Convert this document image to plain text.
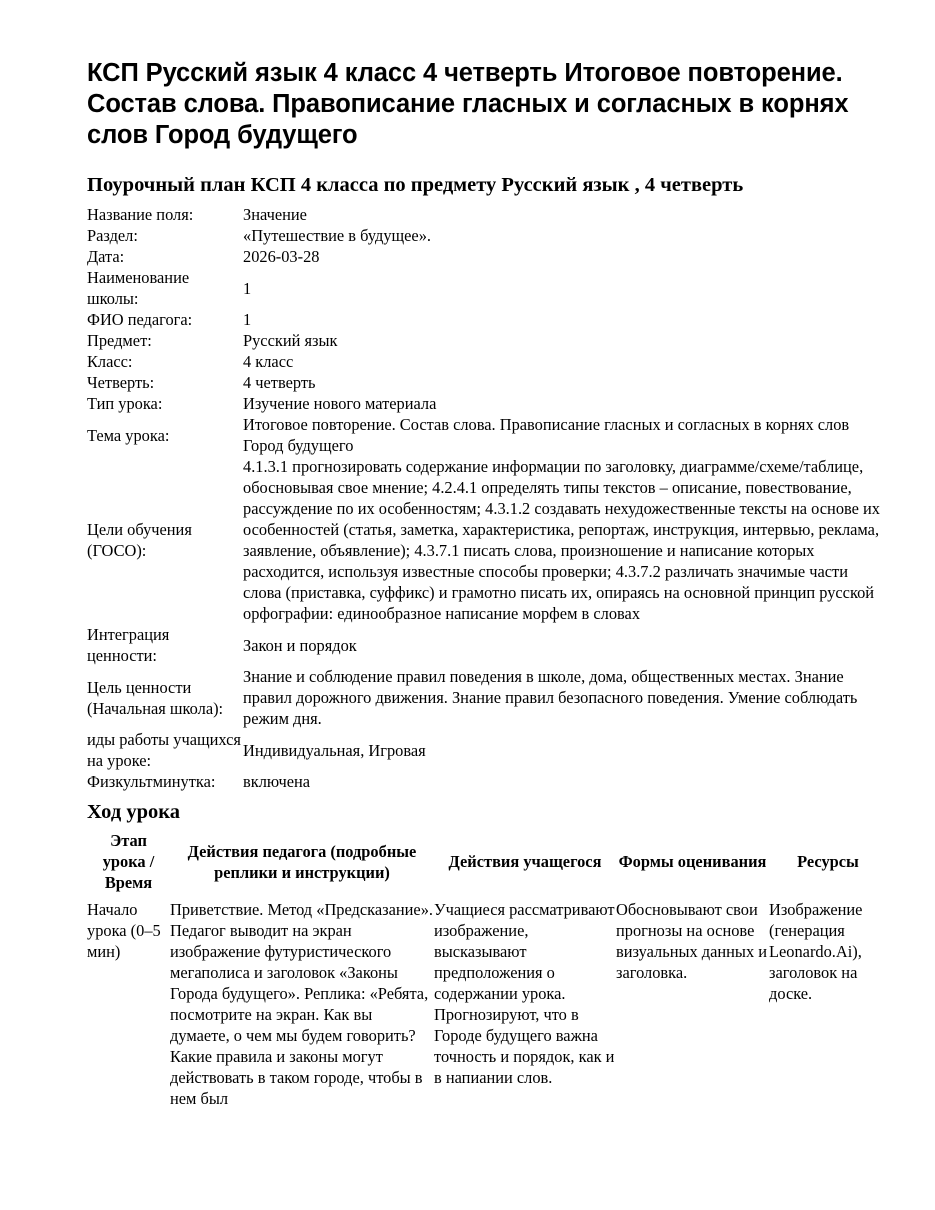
КСП Русский язык 4 класс 4 четверть Итоговое повторение. Состав слова. Правописание гласных и согласных в корнях слов Город будущего
Поурочный план КСП 4 класса по предмету Русский язык , 4 четверть
Название поля:	Значение
Раздел:	«Путешествие в будущее».
Дата:	2026-03-28
Наименование школы:	1
ФИО педагога:	1
Предмет:	Русский язык
Класс:	4 класс
Четверть:	4 четверть
Тип урока:	Изучение нового материала
Тема урока:	Итоговое повторение. Состав слова. Правописание гласных и согласных в корнях слов Город будущего
Цели обучения (ГОСО):	4.1.3.1 прогнозировать содержание информации по заголовку, диаграмме/схеме/таблице, обосновывая свое мнение; 4.2.4.1 определять типы текстов – описание, повествование, рассуждение по их особенностям; 4.3.1.2 создавать нехудожественные тексты на основе их особенностей (статья, заметка, характеристика, репортаж, инструкция, интервью, реклама, заявление, объявление); 4.3.7.1 писать слова, произношение и написание которых расходится, используя известные способы проверки; 4.3.7.2 различать значимые части слова (приставка, суффикс) и грамотно писать их, опираясь на основной принцип русской орфографии: единообразное написание морфем в словах
Интеграция ценности:	Закон и порядок
Цель ценности (Начальная школа):	Знание и соблюдение правил поведения в школе, дома, общественных местах. Знание правил дорожного движения. Знание правил безопасного поведения. Умение соблюдать режим дня.
иды работы учащихся на уроке:	Индивидуальная, Игровая
Физкультминутка:	включена
Ход урока
Этап урока / Время	Действия педагога (подробные реплики и инструкции)	Действия учащегося	Формы оценивания	Ресурсы
Начало урока (0–5 мин)	Приветствие. Метод «Предсказание». Педагог выводит на экран изображение футуристического мегаполиса и заголовок «Законы Города будущего». Реплика: «Ребята, посмотрите на экран. Как вы думаете, о чем мы будем говорить? Какие правила и законы могут действовать в таком городе, чтобы в нем был	Учащиеся рассматривают изображение, высказывают предположения о содержании урока. Прогнозируют, что в Городе будущего важна точность и порядок, как и в напиании слов.	Обосновывают свои прогнозы на основе визуальных данных и заголовка.	Изображение (генерация Leonardo.Ai), заголовок на доске.
